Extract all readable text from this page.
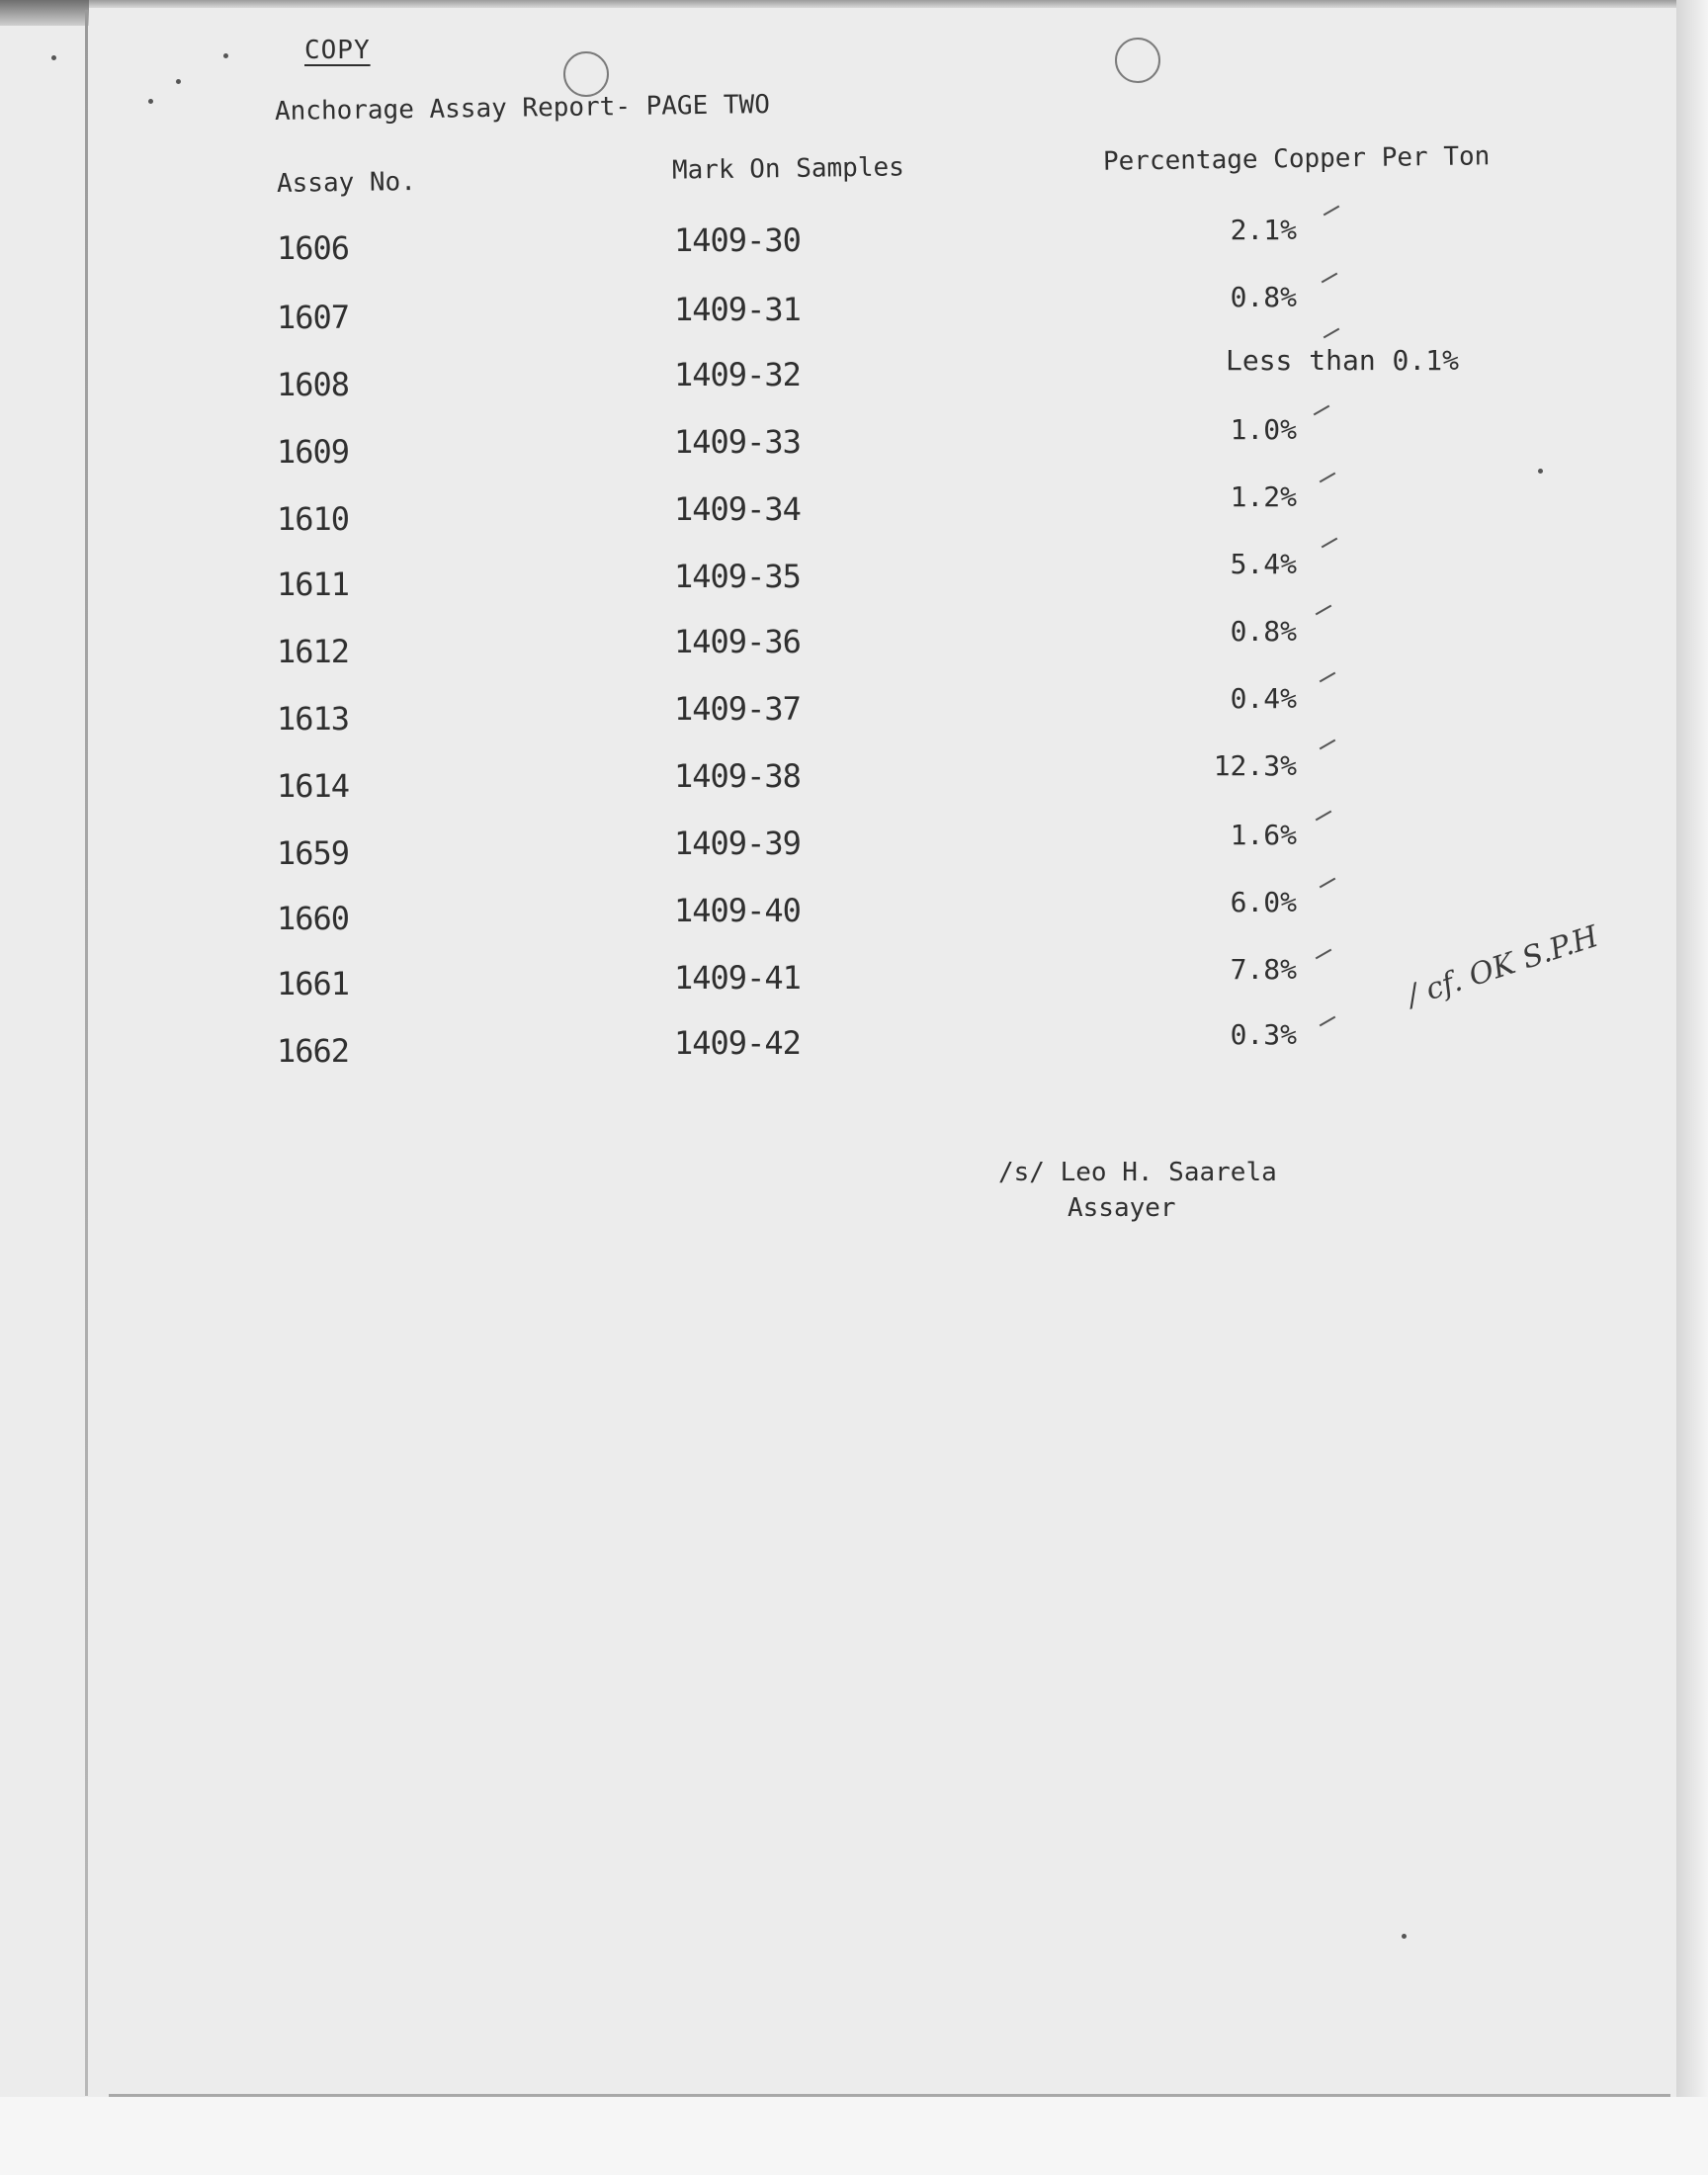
COPY
Anchorage Assay Report- PAGE TWO
Assay No.	Mark On Samples	Percentage Copper Per Ton
1606	1409-30	2.1%
1607	1409-31	0.8%
1608	1409-32	Less than 0.1%
1609	1409-33	1.0%
1610	1409-34	1.2%
1611	1409-35	5.4%
1612	1409-36	0.8%
1613	1409-37	0.4%
1614	1409-38	12.3%
1659	1409-39	1.6%
1660	1409-40	6.0%
1661	1409-41	7.8%
1662	1409-42	0.3%
/ cf. OK S.P.H
/s/ Leo H. Saarela
Assayer
